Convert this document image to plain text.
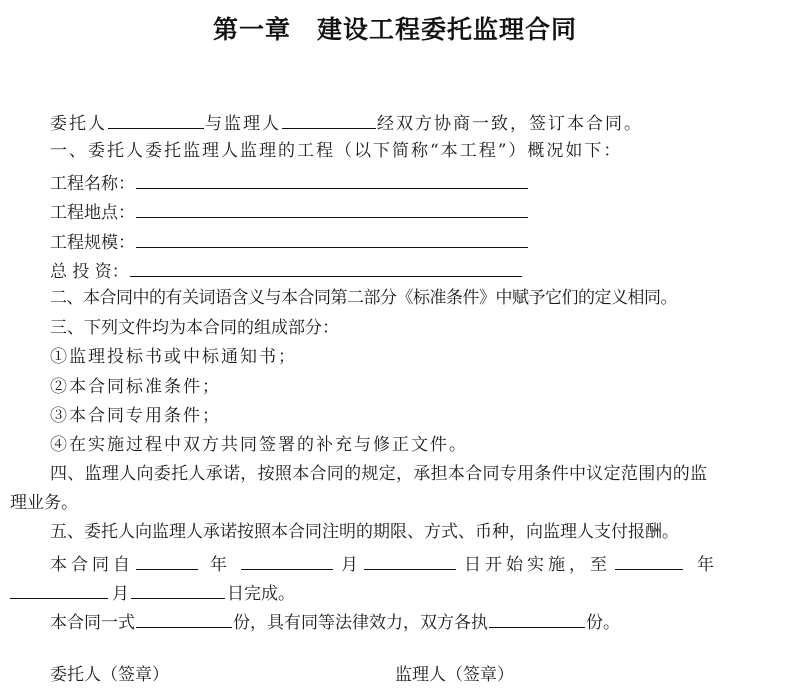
第一章　建设工程委托监理合同
委托人	与监理人	经双方协商一致，签订本合同。
一、委托人委托监理人监理的工程（以下简称“本工程”）概况如下：
工程名称：
工程地点：
工程规模：
总 投 资：
二、本合同中的有关词语含义与本合同第二部分《标准条件》中赋予它们的定义相同。
三、下列文件均为本合同的组成部分：
①监理投标书或中标通知书；
②本合同标准条件；
③本合同专用条件；
④在实施过程中双方共同签署的补充与修正文件。
四、监理人向委托人承诺，按照本合同的规定，承担本合同专用条件中议定范围内的监
理业务。
五、委托人向监理人承诺按照本合同注明的期限、方式、币种，向监理人支付报酬。
本合同自	年	月	日开始实施，至	年
月	日完成。
本合同一式	份，具有同等法律效力，双方各执	份。
委托人（签章）	监理人（签章）
